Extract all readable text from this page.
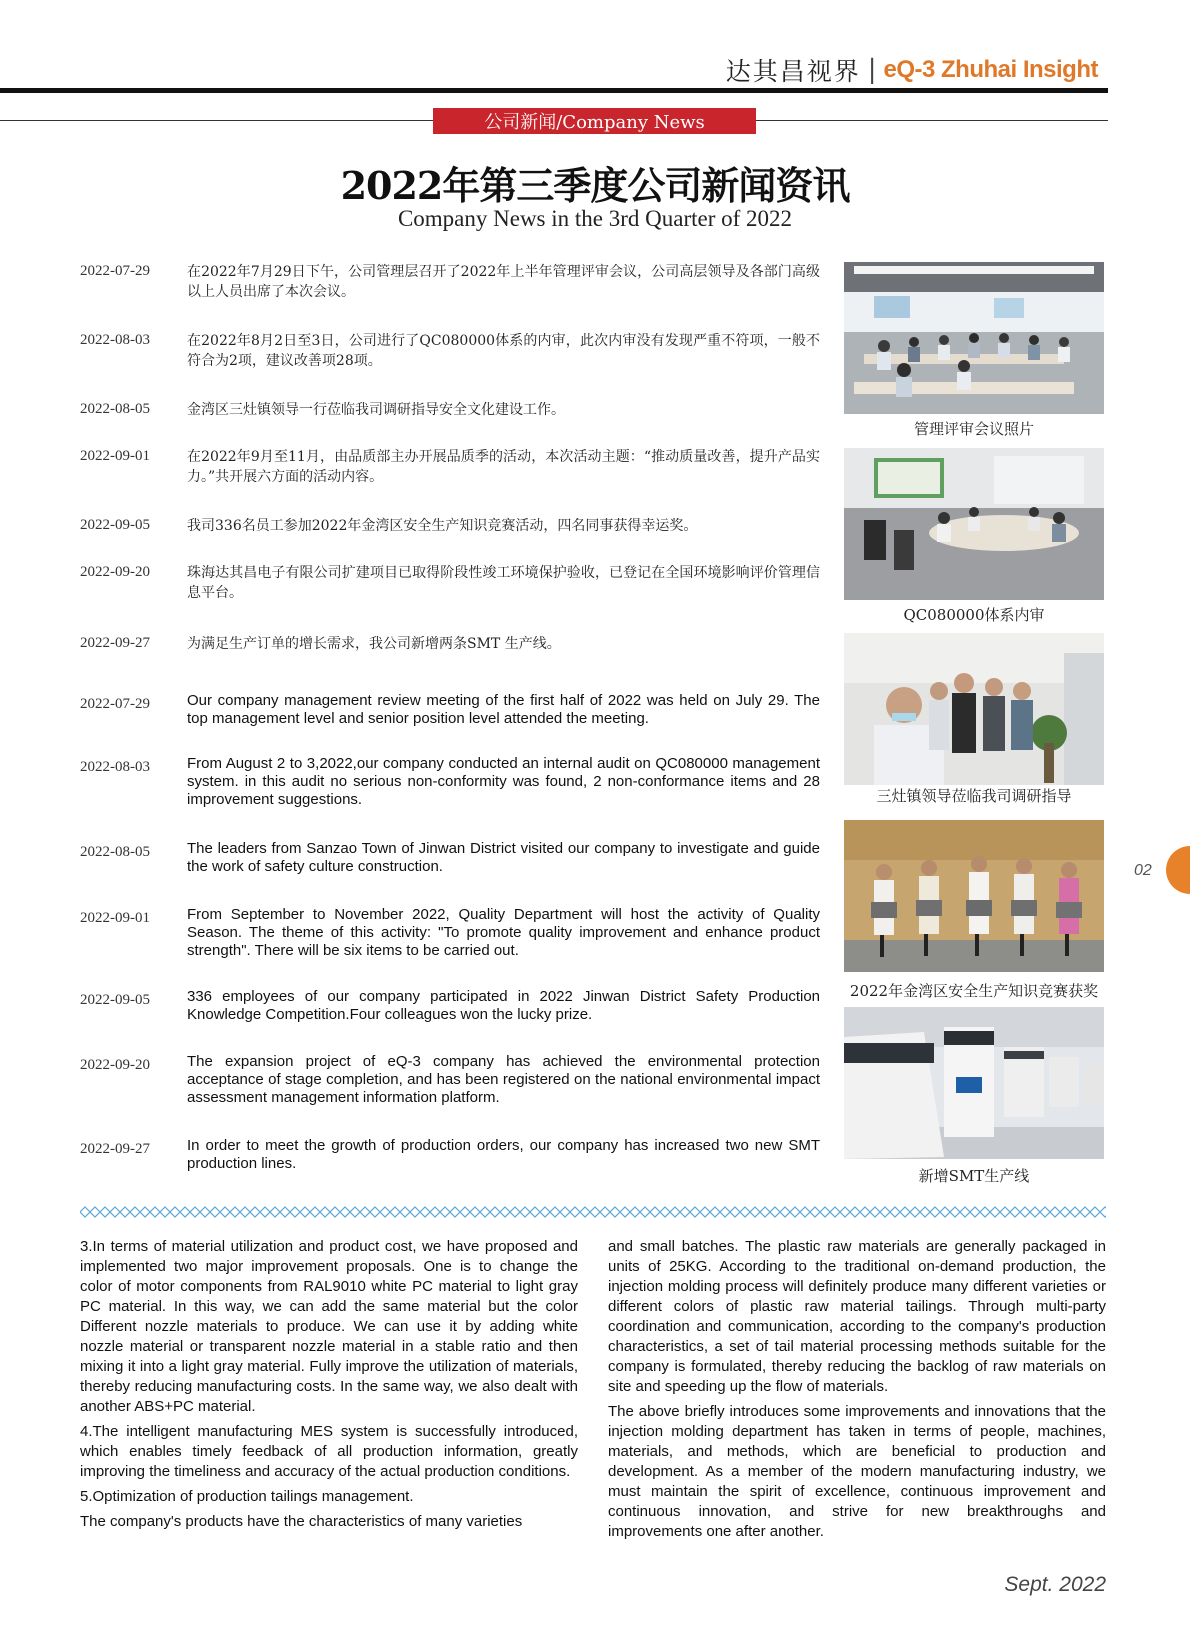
达其昌视界 | eQ-3 Zhuhai Insight
公司新闻/Company News
2022年第三季度公司新闻资讯
Company News in the 3rd Quarter of 2022
2022-07-29	在2022年7月29日下午，公司管理层召开了2022年上半年管理评审会议，公司高层领导及各部门高级以上人员出席了本次会议。
2022-08-03	在2022年8月2日至3日，公司进行了QC080000体系的内审，此次内审没有发现严重不符项，一般不符合为2项，建议改善项28项。
2022-08-05	金湾区三灶镇领导一行莅临我司调研指导安全文化建设工作。
2022-09-01	在2022年9月至11月，由品质部主办开展品质季的活动，本次活动主题：“推动质量改善，提升产品实力。”共开展六方面的活动内容。
2022-09-05	我司336名员工参加2022年金湾区安全生产知识竞赛活动，四名同事获得幸运奖。
2022-09-20	珠海达其昌电子有限公司扩建项目已取得阶段性竣工环境保护验收，已登记在全国环境影响评价管理信息平台。
2022-09-27	为满足生产订单的增长需求，我公司新增两条SMT 生产线。
2022-07-29	Our company management review meeting of the first half of 2022 was held on July 29. The top management level and senior position level attended the meeting.
2022-08-03	From August 2 to 3,2022,our company conducted an internal audit on QC080000 management system. in this audit no serious non-conformity was found, 2 non-conformance items and 28 improvement suggestions.
2022-08-05	The leaders from Sanzao Town of Jinwan District visited our company to investigate and guide the work of safety culture construction.
2022-09-01	From September to November 2022, Quality Department will host the activity of Quality Season. The theme of this activity: "To promote quality improvement and enhance product strength". There will be six items to be carried out.
2022-09-05	336 employees of our company participated in 2022 Jinwan District Safety Production Knowledge Competition.Four colleagues won the lucky prize.
2022-09-20	The expansion project of eQ-3 company has achieved the environmental protection acceptance of stage completion, and has been registered on the national environmental impact assessment management information platform.
2022-09-27	In order to meet the growth of production orders, our company has increased two new SMT production lines.
管理评审会议照片
QC080000体系内审
三灶镇领导莅临我司调研指导
2022年金湾区安全生产知识竞赛获奖
新增SMT生产线
02

3.In terms of material utilization and product cost, we have proposed and implemented two major improvement proposals. One is to change the color of motor components from RAL9010 white PC material to light gray PC material. In this way, we can add the same material but the color Different nozzle materials to produce. We can use it by adding white nozzle material or transparent nozzle material in a stable ratio and then mixing it into a light gray material. Fully improve the utilization of materials, thereby reducing manufacturing costs. In the same way, we also dealt with another ABS+PC material.

4.The intelligent manufacturing MES system is successfully introduced, which enables timely feedback of all production information, greatly improving the timeliness and accuracy of the actual production conditions.

5.Optimization of production tailings management.

The company's products have the characteristics of many varieties

and small batches. The plastic raw materials are generally packaged in units of 25KG. According to the traditional on-demand production, the injection molding process will definitely produce many different varieties or different colors of plastic raw material tailings. Through multi-party coordination and communication, according to the company's production characteristics, a set of tail material processing methods suitable for the company is formulated, thereby reducing the backlog of raw materials on site and speeding up the flow of materials.

The above briefly introduces some improvements and innovations that the injection molding department has taken in terms of people, machines, materials, and methods, which are beneficial to production and development. As a member of the modern manufacturing industry, we must maintain the spirit of excellence, continuous improvement and continuous innovation, and strive for new breakthroughs and improvements one after another.

Sept. 2022
